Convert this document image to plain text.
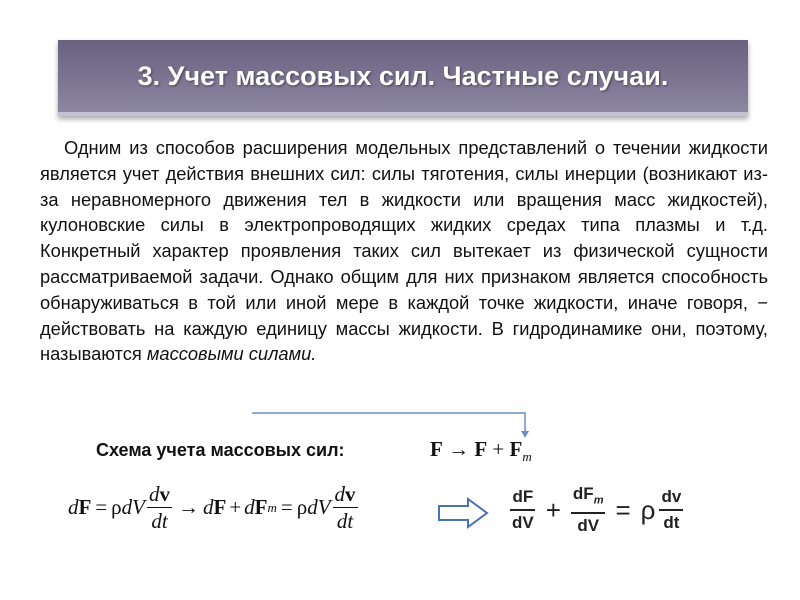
3. Учет массовых сил. Частные случаи.

Одним из способов расширения модельных представлений о течении жидкости является учет действия внешних сил: силы тяготения, силы инерции (возникают из-за неравномерного движения тел в жидкости или вращения масс жидкостей), кулоновские силы в электропроводящих жидких средах типа плазмы и т.д. Конкретный характер проявления таких сил вытекает из физической сущности рассматриваемой задачи. Однако общим для них признаком является способность обнаруживаться в той или иной мере в каждой точке жидкости, иначе говоря, − действовать на каждую единицу массы жидкости. В гидродинамике они, поэтому, называются массовыми силами.

Схема учета массовых сил:	$F \to F + F_m$
d F = ρ dV $\frac{dv}{dt} \to d$ F + d F m = ρ dV $\frac{dv}{dt}$	$\frac{dF}{dV} + \frac{dF_m}{dV} = \rho \frac{dv}{dt}$
